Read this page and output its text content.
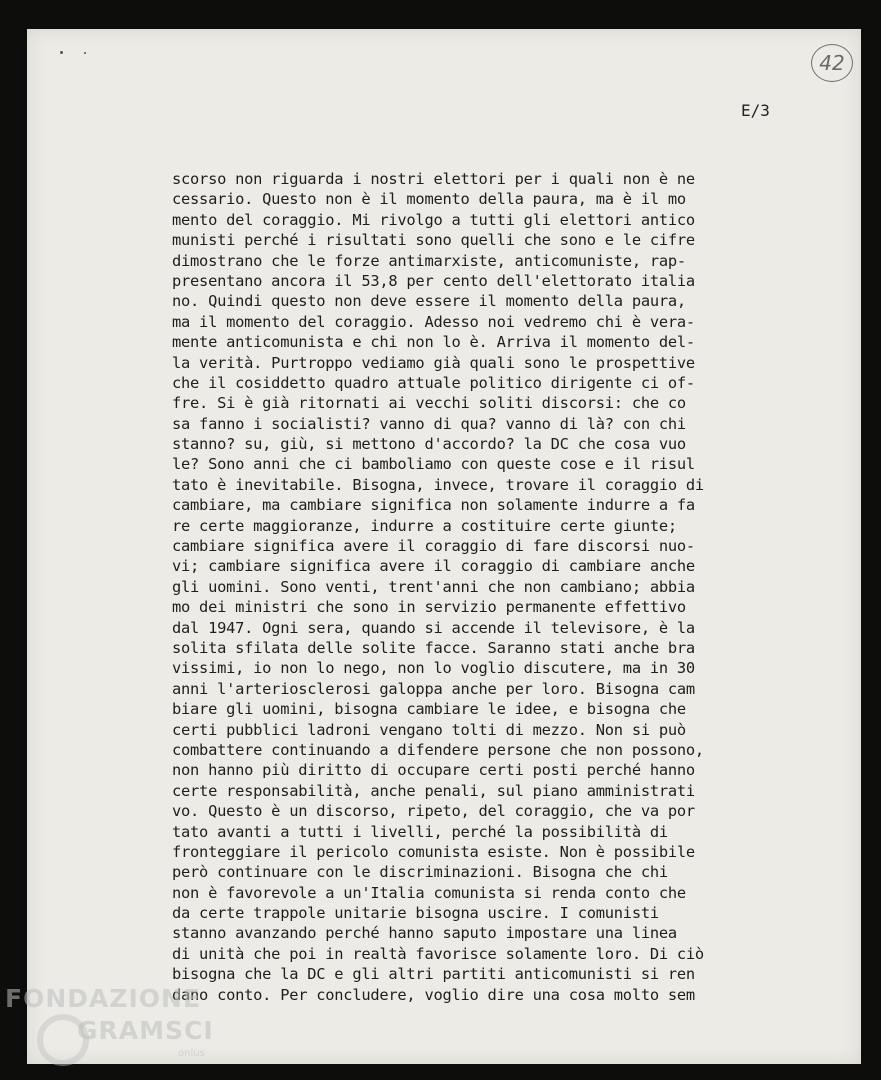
42
E/3
scorso non riguarda i nostri elettori per i quali non è ne
cessario. Questo non è il momento della paura, ma è il mo
mento del coraggio. Mi rivolgo a tutti gli elettori antico
munisti perché i risultati sono quelli che sono e le cifre
dimostrano che le forze antimarxiste, anticomuniste, rap-
presentano ancora il 53,8 per cento dell'elettorato italia
no. Quindi questo non deve essere il momento della paura,
ma il momento del coraggio. Adesso noi vedremo chi è vera-
mente anticomunista e chi non lo è. Arriva il momento del-
la verità. Purtroppo vediamo già quali sono le prospettive
che il cosiddetto quadro attuale politico dirigente ci of-
fre. Si è già ritornati ai vecchi soliti discorsi: che co
sa fanno i socialisti? vanno di qua? vanno di là? con chi
stanno? su, giù, si mettono d'accordo? la DC che cosa vuo
le? Sono anni che ci bamboliamo con queste cose e il risul
tato è inevitabile. Bisogna, invece, trovare il coraggio di
cambiare, ma cambiare significa non solamente indurre a fa
re certe maggioranze, indurre a costituire certe giunte;
cambiare significa avere il coraggio di fare discorsi nuo-
vi; cambiare significa avere il coraggio di cambiare anche
gli uomini. Sono venti, trent'anni che non cambiano; abbia
mo dei ministri che sono in servizio permanente effettivo
dal 1947. Ogni sera, quando si accende il televisore, è la
solita sfilata delle solite facce. Saranno stati anche bra
vissimi, io non lo nego, non lo voglio discutere, ma in 30
anni l'arteriosclerosi galoppa anche per loro. Bisogna cam
biare gli uomini, bisogna cambiare le idee, e bisogna che
certi pubblici ladroni vengano tolti di mezzo. Non si può
combattere continuando a difendere persone che non possono,
non hanno più diritto di occupare certi posti perché hanno
certe responsabilità, anche penali, sul piano amministrati
vo. Questo è un discorso, ripeto, del coraggio, che va por
tato avanti a tutti i livelli, perché la possibilità di
fronteggiare il pericolo comunista esiste. Non è possibile
però continuare con le discriminazioni. Bisogna che chi
non è favorevole a un'Italia comunista si renda conto che
da certe trappole unitarie bisogna uscire. I comunisti
stanno avanzando perché hanno saputo impostare una linea
di unità che poi in realtà favorisce solamente loro. Di ciò
bisogna che la DC e gli altri partiti anticomunisti si ren
dano conto. Per concludere, voglio dire una cosa molto sem
FONDAZIONE
GRAMSCI
onlus
